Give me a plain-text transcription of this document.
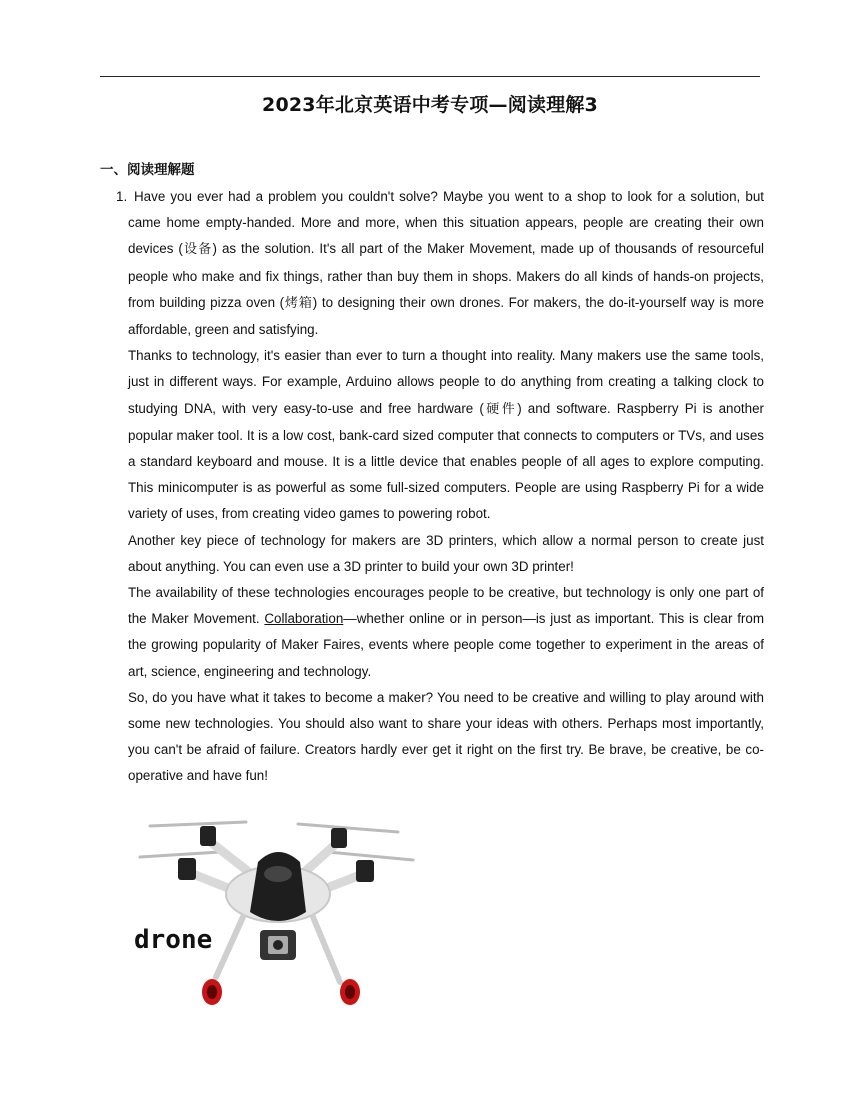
2023年北京英语中考专项—阅读理解3
一、阅读理解题
1. Have you ever had a problem you couldn't solve? Maybe you went to a shop to look for a solution, but came home empty-handed. More and more, when this situation appears, people are creating their own devices (设备) as the solution. It's all part of the Maker Movement, made up of thousands of resourceful people who make and fix things, rather than buy them in shops. Makers do all kinds of hands-on projects, from building pizza oven (烤箱) to designing their own drones. For makers, the do-it-yourself way is more affordable, green and satisfying.

Thanks to technology, it's easier than ever to turn a thought into reality. Many makers use the same tools, just in different ways. For example, Arduino allows people to do anything from creating a talking clock to studying DNA, with very easy-to-use and free hardware (硬件) and software. Raspberry Pi is another popular maker tool. It is a low cost, bank-card sized computer that connects to computers or TVs, and uses a standard keyboard and mouse. It is a little device that enables people of all ages to explore computing. This minicomputer is as powerful as some full-sized computers. People are using Raspberry Pi for a wide variety of uses, from creating video games to powering robot.

Another key piece of technology for makers are 3D printers, which allow a normal person to create just about anything. You can even use a 3D printer to build your own 3D printer!

The availability of these technologies encourages people to be creative, but technology is only one part of the Maker Movement. Collaboration—whether online or in person—is just as important. This is clear from the growing popularity of Maker Faires, events where people come together to experiment in the areas of art, science, engineering and technology.

So, do you have what it takes to become a maker? You need to be creative and willing to play around with some new technologies. You should also want to share your ideas with others. Perhaps most importantly, you can't be afraid of failure. Creators hardly ever get it right on the first try. Be brave, be creative, be co-operative and have fun!

drone
